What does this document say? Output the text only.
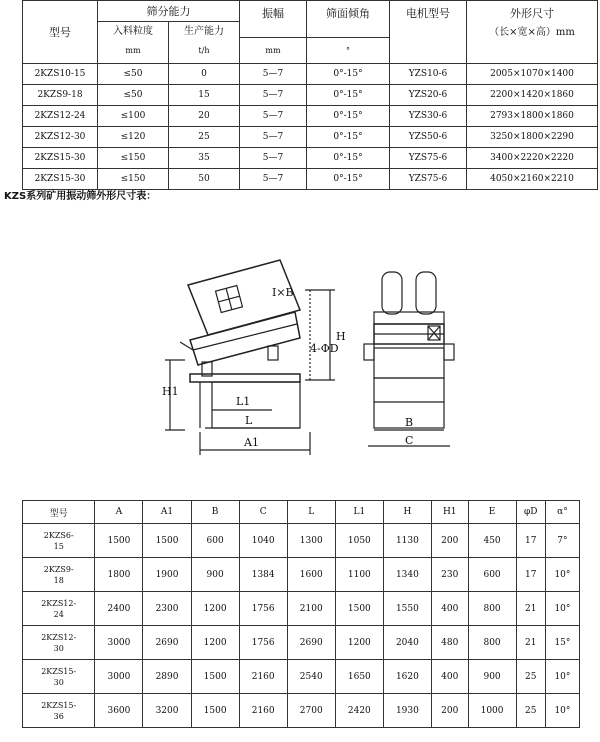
型号	筛分能力		振幅	筛面倾角	电机型号	外形尺寸
（长×宽×高）mm

	入料粒度	生产能力				
	mm	t/h	mm	°		
2KZS10-15	≤50	0	5—7	0°-15°	YZS10-6	2005×1070×1400
2KZS9-18	≤50	15	5—7	0°-15°	YZS20-6	2200×1420×1860
2KZS12-24	≤100	20	5—7	0°-15°	YZS30-6	2793×1800×1860
2KZS12-30	≤120	25	5—7	0°-15°	YZS50-6	3250×1800×2290
2KZS15-30	≤150	35	5—7	0°-15°	YZS75-6	3400×2220×2220
2KZS15-30	≤150	50	5—7	0°-15°	YZS75-6	4050×2160×2210
KZS系列矿用振动筛外形尺寸表：
I×B
4-ΦD
H
H1
L1
L
A1
B
C
型号	A	A1	B	C	L	L1	H	H1	E	φD	α°

2KZS6-
15	1500	1500	600	1040	1300	1050	1130	200	450	17	7°

2KZS9-
18	1800	1900	900	1384	1600	1100	1340	230	600	17	10°

2KZS12-
24	2400	2300	1200	1756	2100	1500	1550	400	800	21	10°

2KZS12-
30	3000	2690	1200	1756	2690	1200	2040	480	800	21	15°

2KZS15-
30	3000	2890	1500	2160	2540	1650	1620	400	900	25	10°

2KZS15-
36	3600	3200	1500	2160	2700	2420	1930	200	1000	25	10°
